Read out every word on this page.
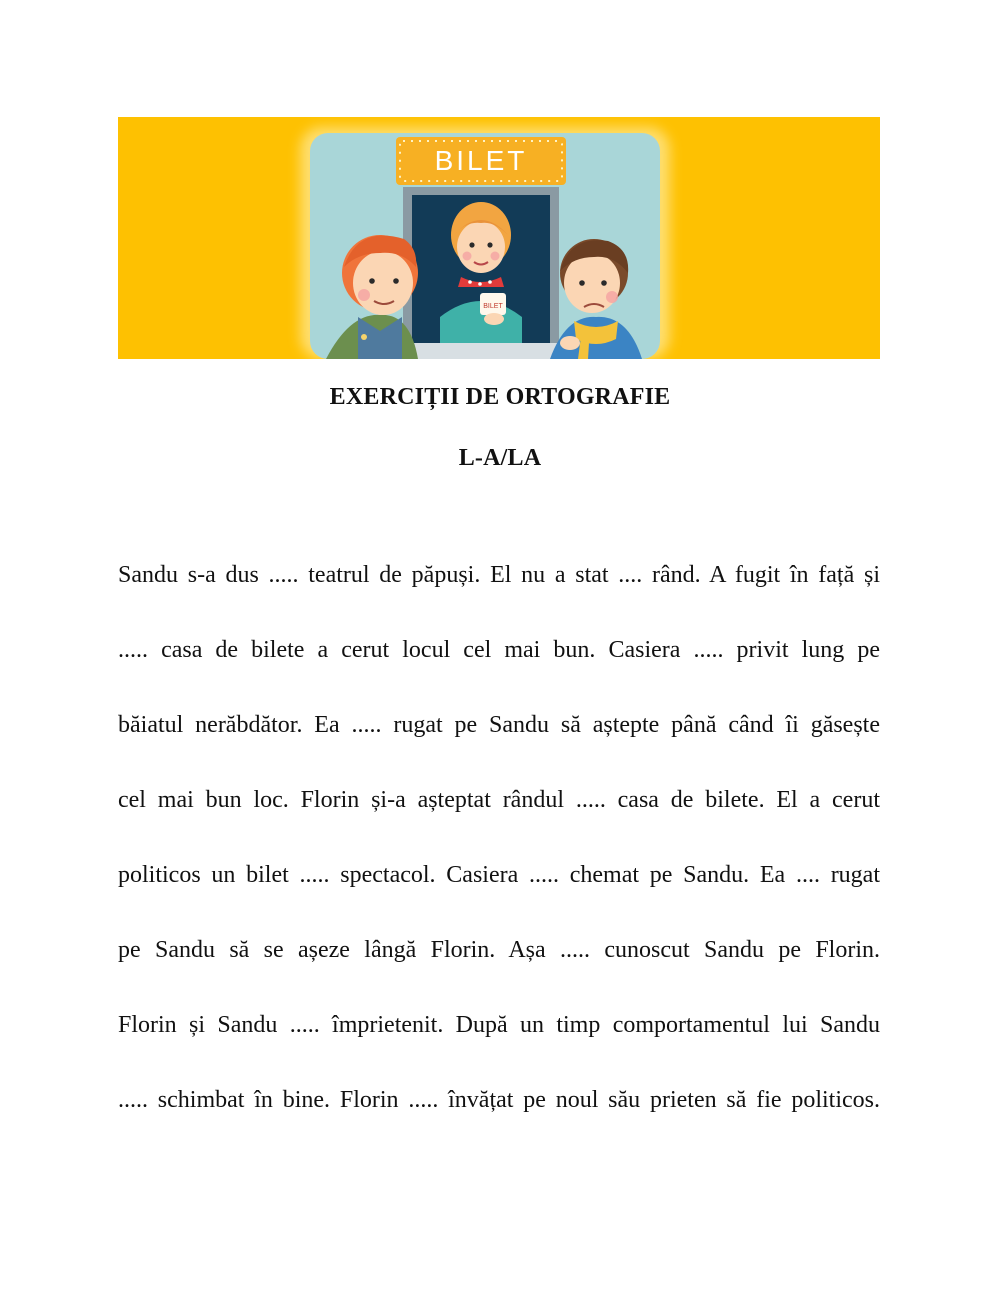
BILET
BILET
EXERCIȚII DE ORTOGRAFIE
L-A/LA
Sandu s-a dus ..... teatrul de păpuși. El nu a stat .... rând. A fugit în față și
..... casa de bilete a cerut locul cel mai bun. Casiera ..... privit lung pe
băiatul nerăbdător. Ea ..... rugat pe Sandu să aștepte până când îi găsește
cel mai bun loc. Florin și-a așteptat rândul ..... casa de bilete. El a cerut
politicos un bilet ..... spectacol. Casiera ..... chemat pe Sandu. Ea .... rugat
pe Sandu să se așeze lângă Florin. Așa ..... cunoscut Sandu pe Florin.
Florin și Sandu ..... împrietenit. După un timp comportamentul lui Sandu
..... schimbat în bine. Florin ..... învățat pe noul său prieten să fie politicos.
